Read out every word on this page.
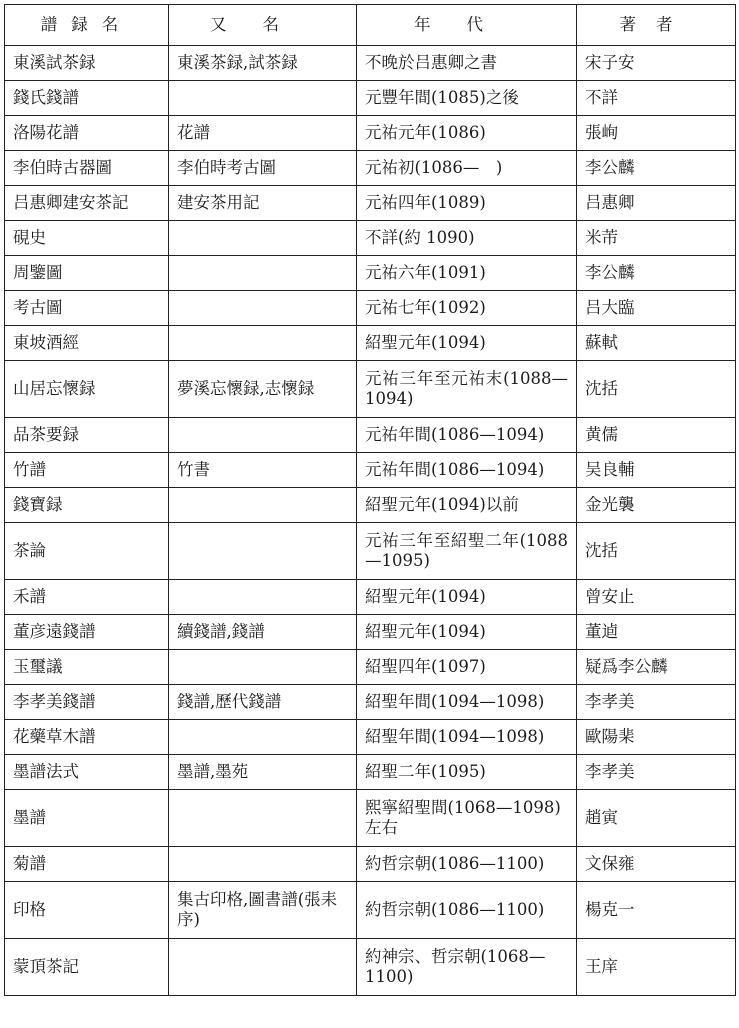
譜録名	又名	年代	著者
東溪試茶録	東溪茶録,試茶録	不晚於吕惠卿之書	宋子安
錢氏錢譜		元豐年間(1085)之後	不詳
洛陽花譜	花譜	元祐元年(1086)	張峋
李伯時古器圖	李伯時考古圖	元祐初(1086—　)	李公麟
吕惠卿建安茶記	建安茶用記	元祐四年(1089)	吕惠卿
硯史		不詳(約 1090)	米芾
周鑒圖		元祐六年(1091)	李公麟
考古圖		元祐七年(1092)	吕大臨
東坡酒經		紹聖元年(1094)	蘇軾
山居忘懷録	夢溪忘懷録,志懷録	元祐三年至元祐末(1088—1094)	沈括
品茶要録		元祐年間(1086—1094)	黄儒
竹譜	竹書	元祐年間(1086—1094)	吴良輔
錢寶録		紹聖元年(1094)以前	金光襲
茶論		元祐三年至紹聖二年(1088—1095)	沈括
禾譜		紹聖元年(1094)	曾安止
董彦遠錢譜	續錢譜,錢譜	紹聖元年(1094)	董逌
玉璽議		紹聖四年(1097)	疑爲李公麟
李孝美錢譜	錢譜,歷代錢譜	紹聖年間(1094—1098)	李孝美
花藥草木譜		紹聖年間(1094—1098)	歐陽棐
墨譜法式	墨譜,墨苑	紹聖二年(1095)	李孝美
墨譜		熙寧紹聖間(1068—1098)左右	趙寅
菊譜		約哲宗朝(1086—1100)	文保雍
印格	集古印格,圖書譜(張耒序)	約哲宗朝(1086—1100)	楊克一
蒙頂茶記		約神宗、哲宗朝(1068—1100)	王庠
